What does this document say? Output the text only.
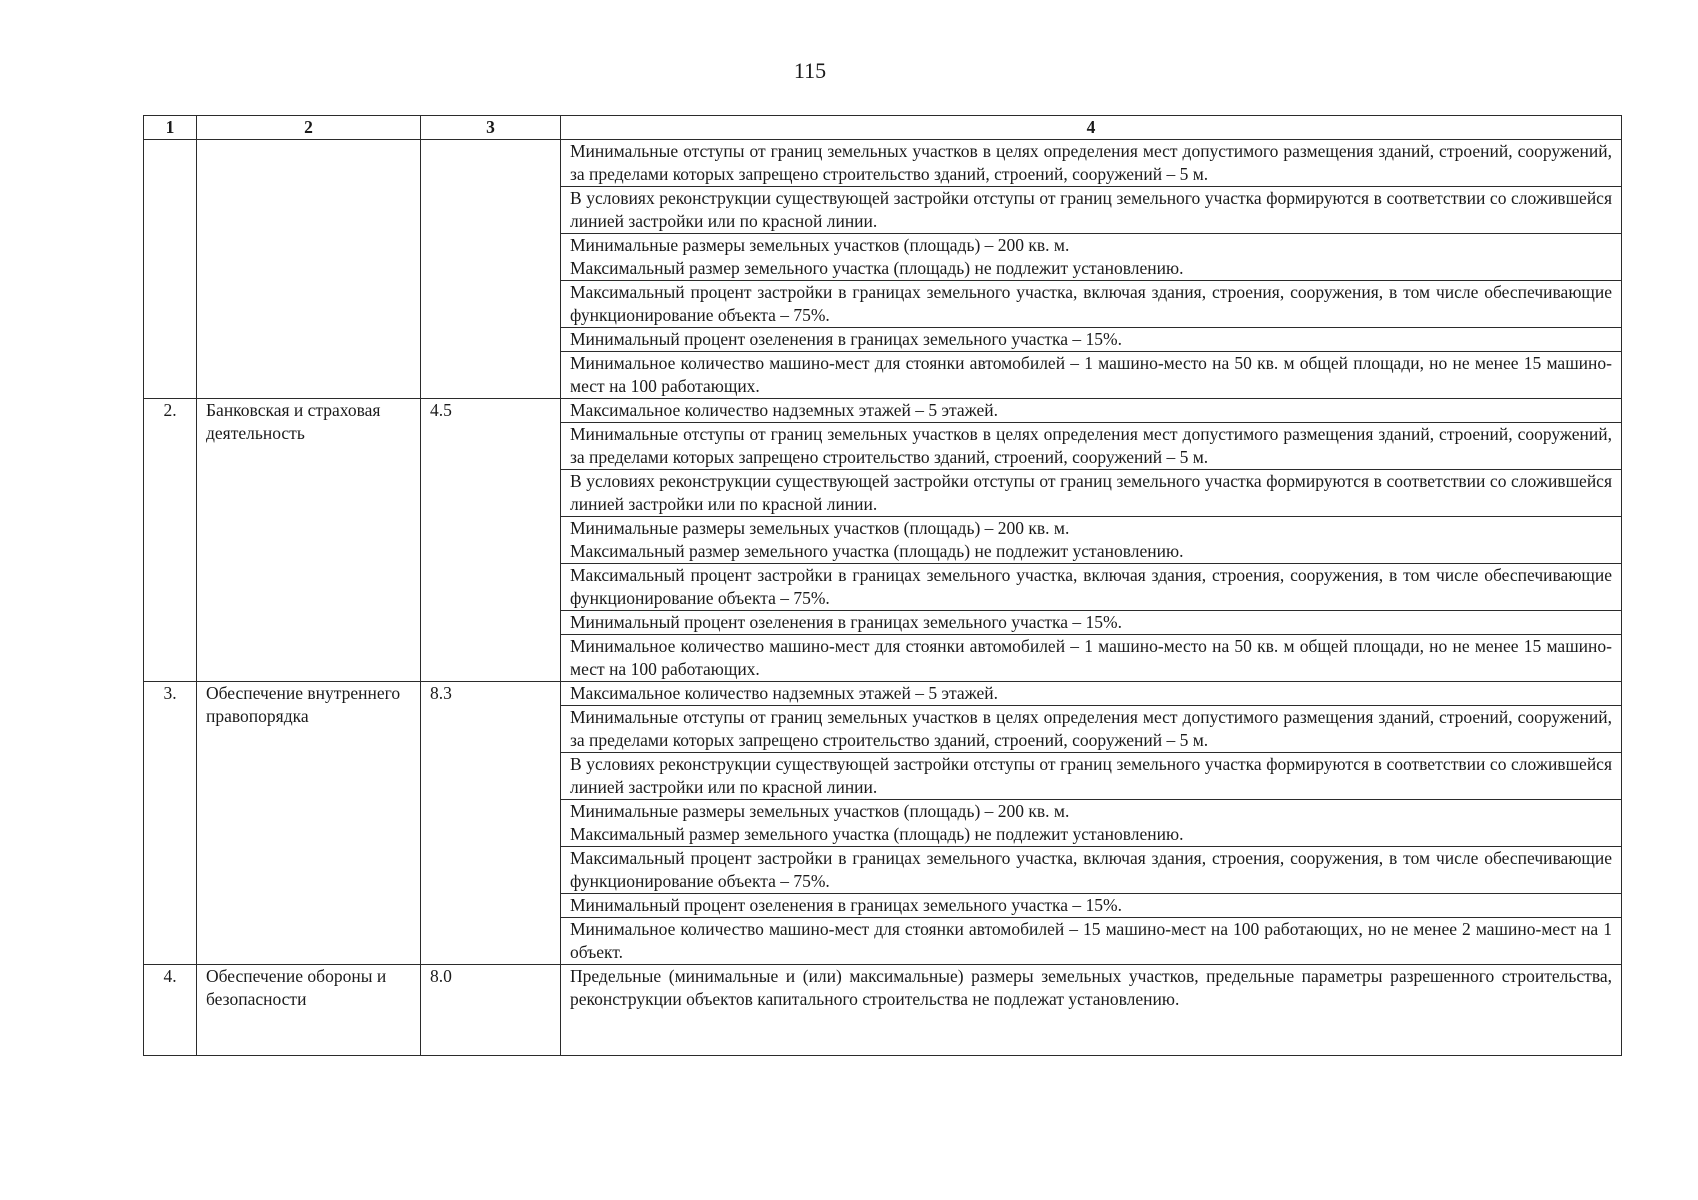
115
1	2	3	4

			Минимальные отступы от границ земельных участков в целях определения мест допустимого размещения зданий, строений, сооружений, за пределами которых запрещено строительство зданий, строений, сооружений – 5 м.

			В условиях реконструкции существующей застройки отступы от границ земельного участка формируются в соответствии со сложившейся линией застройки или по красной линии.

			Минимальные размеры земельных участков (площадь) – 200 кв. м.
Максимальный размер земельного участка (площадь) не подлежит установлению.

			Максимальный процент застройки в границах земельного участка, включая здания, строения, сооружения, в том числе обеспечивающие функционирование объекта – 75%.

			Минимальный процент озеленения в границах земельного участка – 15%.

			Минимальное количество машино-мест для стоянки автомобилей – 1 машино-место на 50 кв. м общей площади, но не менее 15 машино-мест на 100 работающих.

2.	Банковская и страховая деятельность	4.5	Максимальное количество надземных этажей – 5 этажей.

			Минимальные отступы от границ земельных участков в целях определения мест допустимого размещения зданий, строений, сооружений, за пределами которых запрещено строительство зданий, строений, сооружений – 5 м.

			В условиях реконструкции существующей застройки отступы от границ земельного участка формируются в соответствии со сложившейся линией застройки или по красной линии.

			Минимальные размеры земельных участков (площадь) – 200 кв. м.
Максимальный размер земельного участка (площадь) не подлежит установлению.

			Максимальный процент застройки в границах земельного участка, включая здания, строения, сооружения, в том числе обеспечивающие функционирование объекта – 75%.

			Минимальный процент озеленения в границах земельного участка – 15%.

			Минимальное количество машино-мест для стоянки автомобилей – 1 машино-место на 50 кв. м общей площади, но не менее 15 машино-мест на 100 работающих.

3.	Обеспечение внутреннего правопорядка	8.3	Максимальное количество надземных этажей – 5 этажей.

			Минимальные отступы от границ земельных участков в целях определения мест допустимого размещения зданий, строений, сооружений, за пределами которых запрещено строительство зданий, строений, сооружений – 5 м.

			В условиях реконструкции существующей застройки отступы от границ земельного участка формируются в соответствии со сложившейся линией застройки или по красной линии.

			Минимальные размеры земельных участков (площадь) – 200 кв. м.
Максимальный размер земельного участка (площадь) не подлежит установлению.

			Максимальный процент застройки в границах земельного участка, включая здания, строения, сооружения, в том числе обеспечивающие функционирование объекта – 75%.

			Минимальный процент озеленения в границах земельного участка – 15%.

			Минимальное количество машино-мест для стоянки автомобилей – 15 машино-мест на 100 работающих, но не менее 2 машино-мест на 1 объект.

4.	Обеспечение обороны и безопасности	8.0	Предельные (минимальные и (или) максимальные) размеры земельных участков, предельные параметры разрешенного строительства, реконструкции объектов капитального строительства не подлежат установлению.
